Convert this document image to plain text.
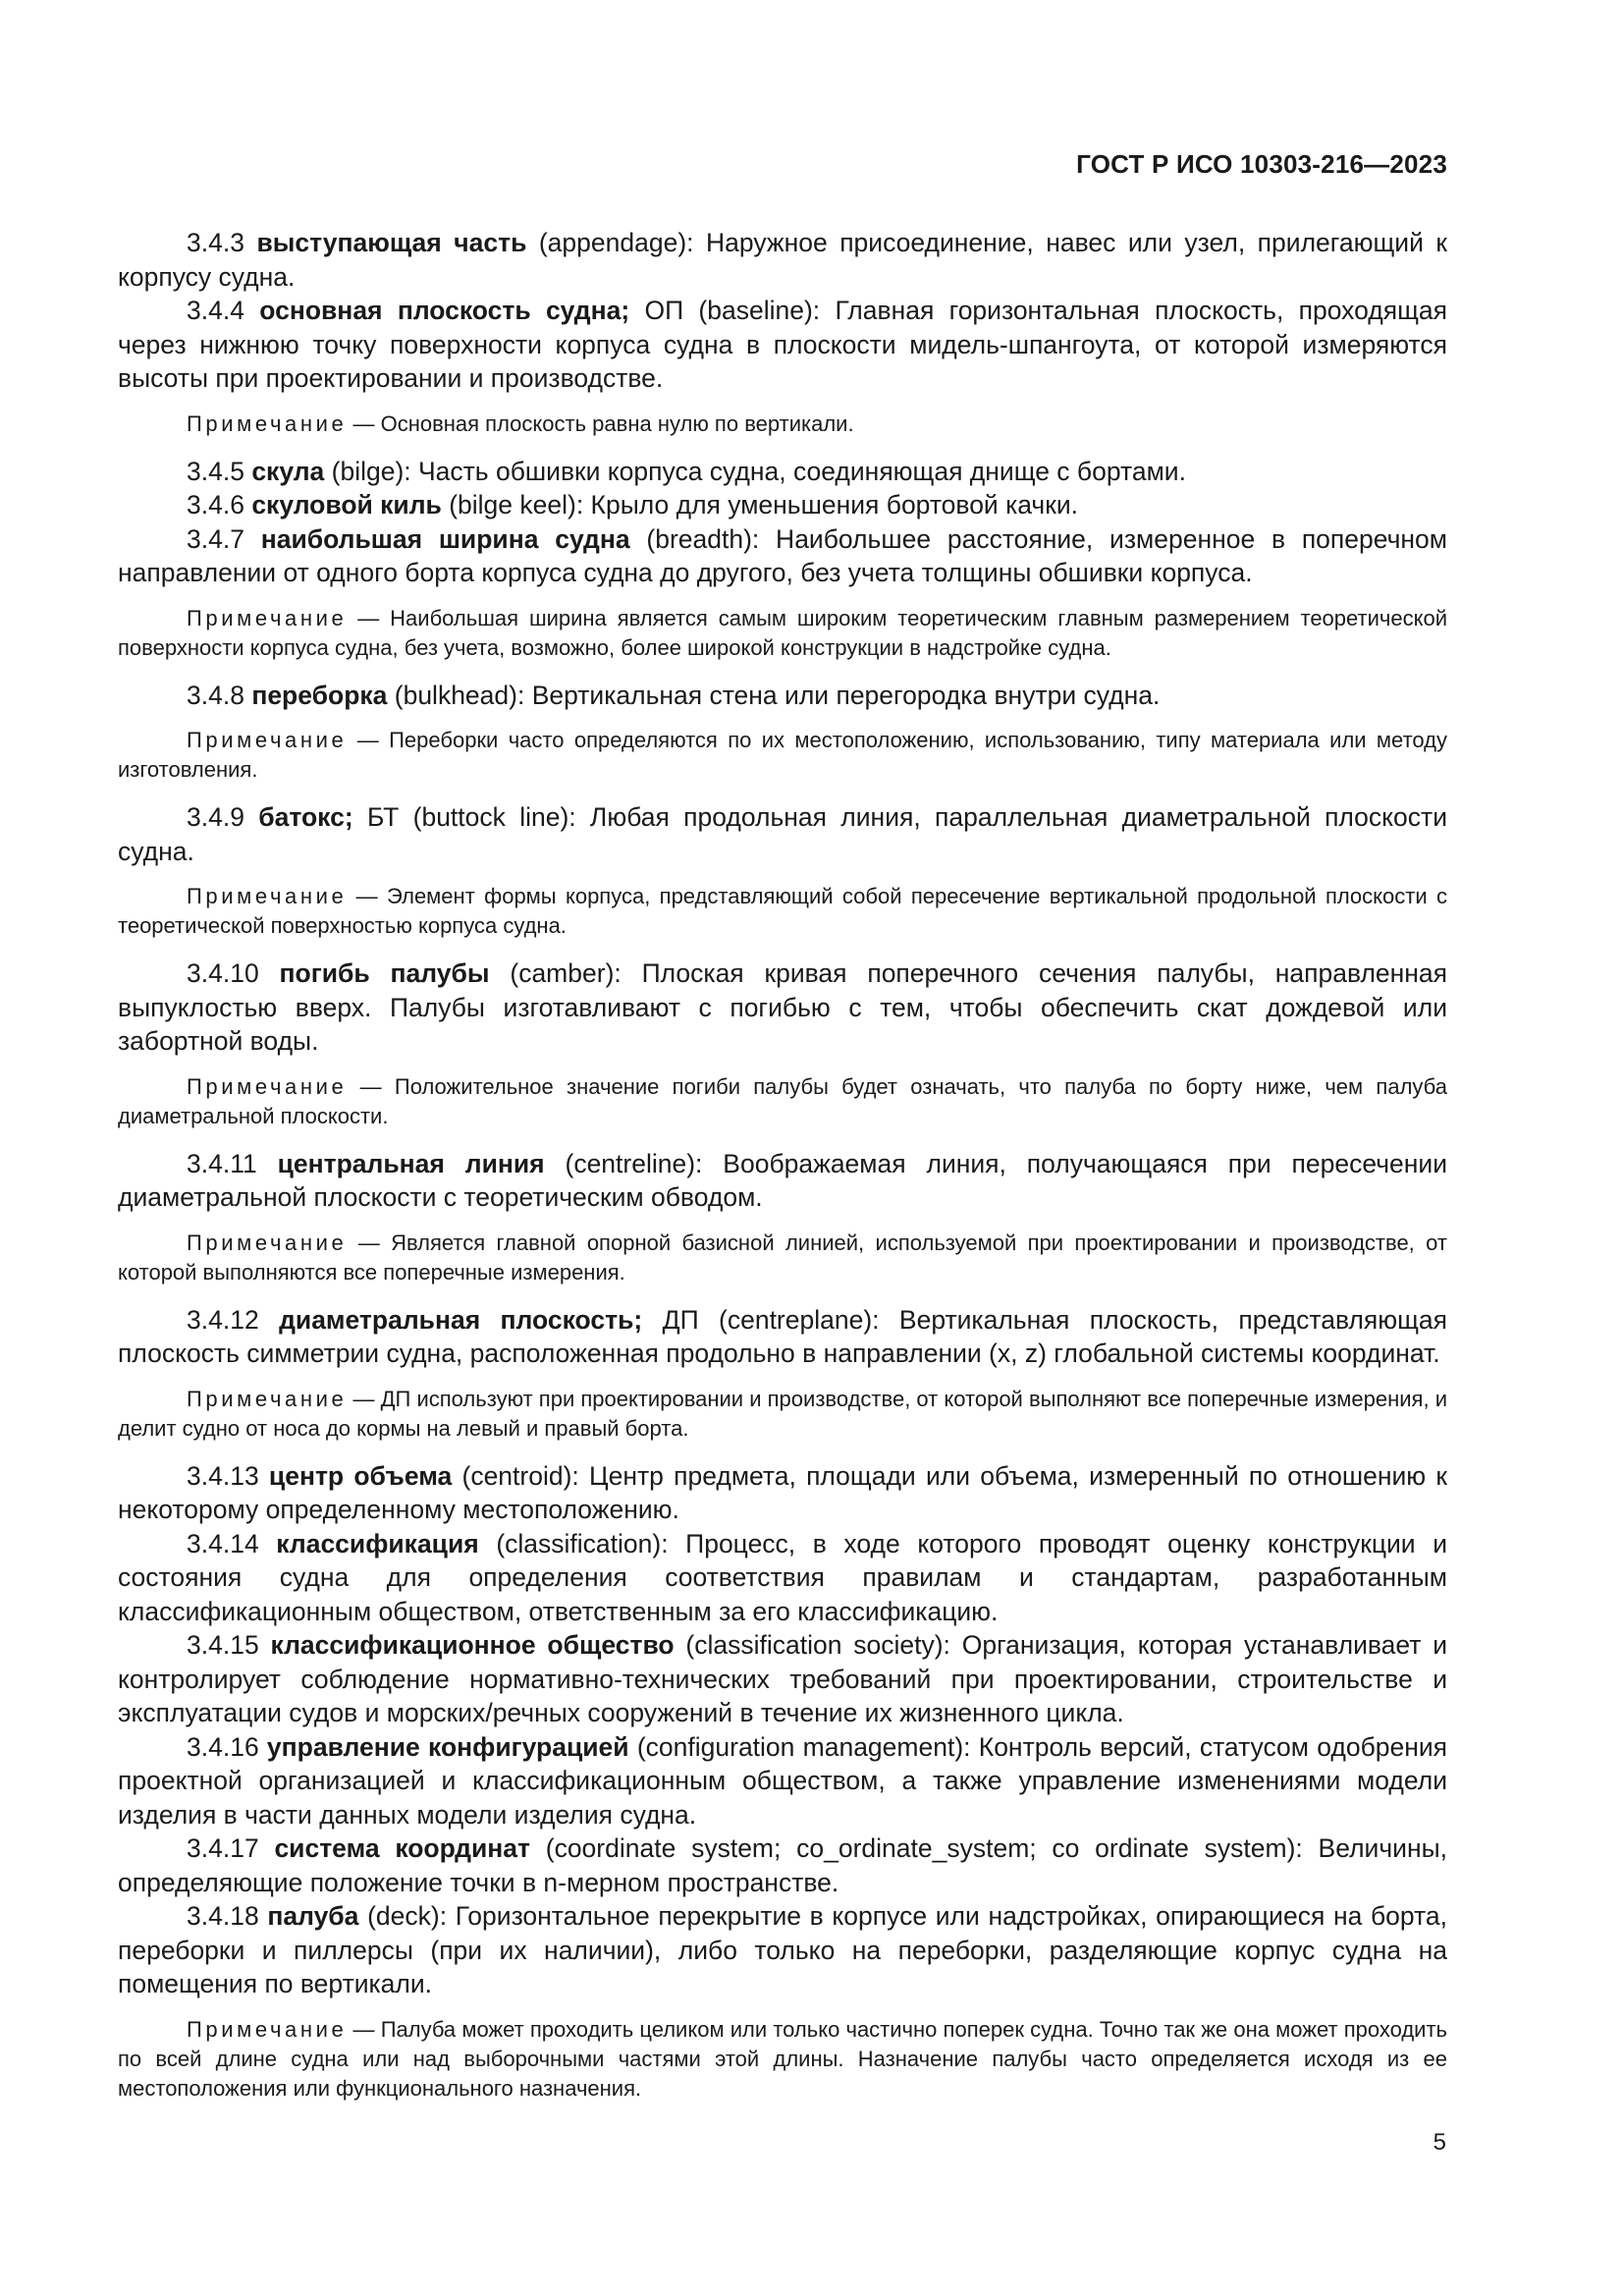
ГОСТ Р ИСО 10303-216—2023

3.4.3 выступающая часть (appendage): Наружное присоединение, навес или узел, прилегающий к корпусу судна.

3.4.4 основная плоскость судна; ОП (baseline): Главная горизонтальная плоскость, проходящая через нижнюю точку поверхности корпуса судна в плоскости мидель-шпангоута, от которой измеряются высоты при проектировании и производстве.

Примечание — Основная плоскость равна нулю по вертикали.

3.4.5 скула (bilge): Часть обшивки корпуса судна, соединяющая днище с бортами.

3.4.6 скуловой киль (bilge keel): Крыло для уменьшения бортовой качки.

3.4.7 наибольшая ширина судна (breadth): Наибольшее расстояние, измеренное в поперечном направлении от одного борта корпуса судна до другого, без учета толщины обшивки корпуса.

Примечание — Наибольшая ширина является самым широким теоретическим главным размерением теоретической поверхности корпуса судна, без учета, возможно, более широкой конструкции в надстройке судна.

3.4.8 переборка (bulkhead): Вертикальная стена или перегородка внутри судна.

Примечание — Переборки часто определяются по их местоположению, использованию, типу материала или методу изготовления.

3.4.9 батокс; БТ (buttock line): Любая продольная линия, параллельная диаметральной плоскости судна.

Примечание — Элемент формы корпуса, представляющий собой пересечение вертикальной продольной плоскости с теоретической поверхностью корпуса судна.

3.4.10 погибь палубы (camber): Плоская кривая поперечного сечения палубы, направленная выпуклостью вверх. Палубы изготавливают с погибью с тем, чтобы обеспечить скат дождевой или забортной воды.

Примечание — Положительное значение погиби палубы будет означать, что палуба по борту ниже, чем палуба диаметральной плоскости.

3.4.11 центральная линия (centreline): Воображаемая линия, получающаяся при пересечении диаметральной плоскости с теоретическим обводом.

Примечание — Является главной опорной базисной линией, используемой при проектировании и производстве, от которой выполняются все поперечные измерения.

3.4.12 диаметральная плоскость; ДП (centreplane): Вертикальная плоскость, представляющая плоскость симметрии судна, расположенная продольно в направлении (x, z) глобальной системы координат.

Примечание — ДП используют при проектировании и производстве, от которой выполняют все поперечные измерения, и делит судно от носа до кормы на левый и правый борта.

3.4.13 центр объема (centroid): Центр предмета, площади или объема, измеренный по отношению к некоторому определенному местоположению.

3.4.14 классификация (classification): Процесс, в ходе которого проводят оценку конструкции и состояния судна для определения соответствия правилам и стандартам, разработанным классификационным обществом, ответственным за его классификацию.

3.4.15 классификационное общество (classification society): Организация, которая устанавливает и контролирует соблюдение нормативно-технических требований при проектировании, строительстве и эксплуатации судов и морских/речных сооружений в течение их жизненного цикла.

3.4.16 управление конфигурацией (configuration management): Контроль версий, статусом одобрения проектной организацией и классификационным обществом, а также управление изменениями модели изделия в части данных модели изделия судна.

3.4.17 система координат (coordinate system; co_ordinate_system; co ordinate system): Величины, определяющие положение точки в n-мерном пространстве.

3.4.18 палуба (deck): Горизонтальное перекрытие в корпусе или надстройках, опирающиеся на борта, переборки и пиллерсы (при их наличии), либо только на переборки, разделяющие корпус судна на помещения по вертикали.

Примечание — Палуба может проходить целиком или только частично поперек судна. Точно так же она может проходить по всей длине судна или над выборочными частями этой длины. Назначение палубы часто определяется исходя из ее местоположения или функционального назначения.

5
